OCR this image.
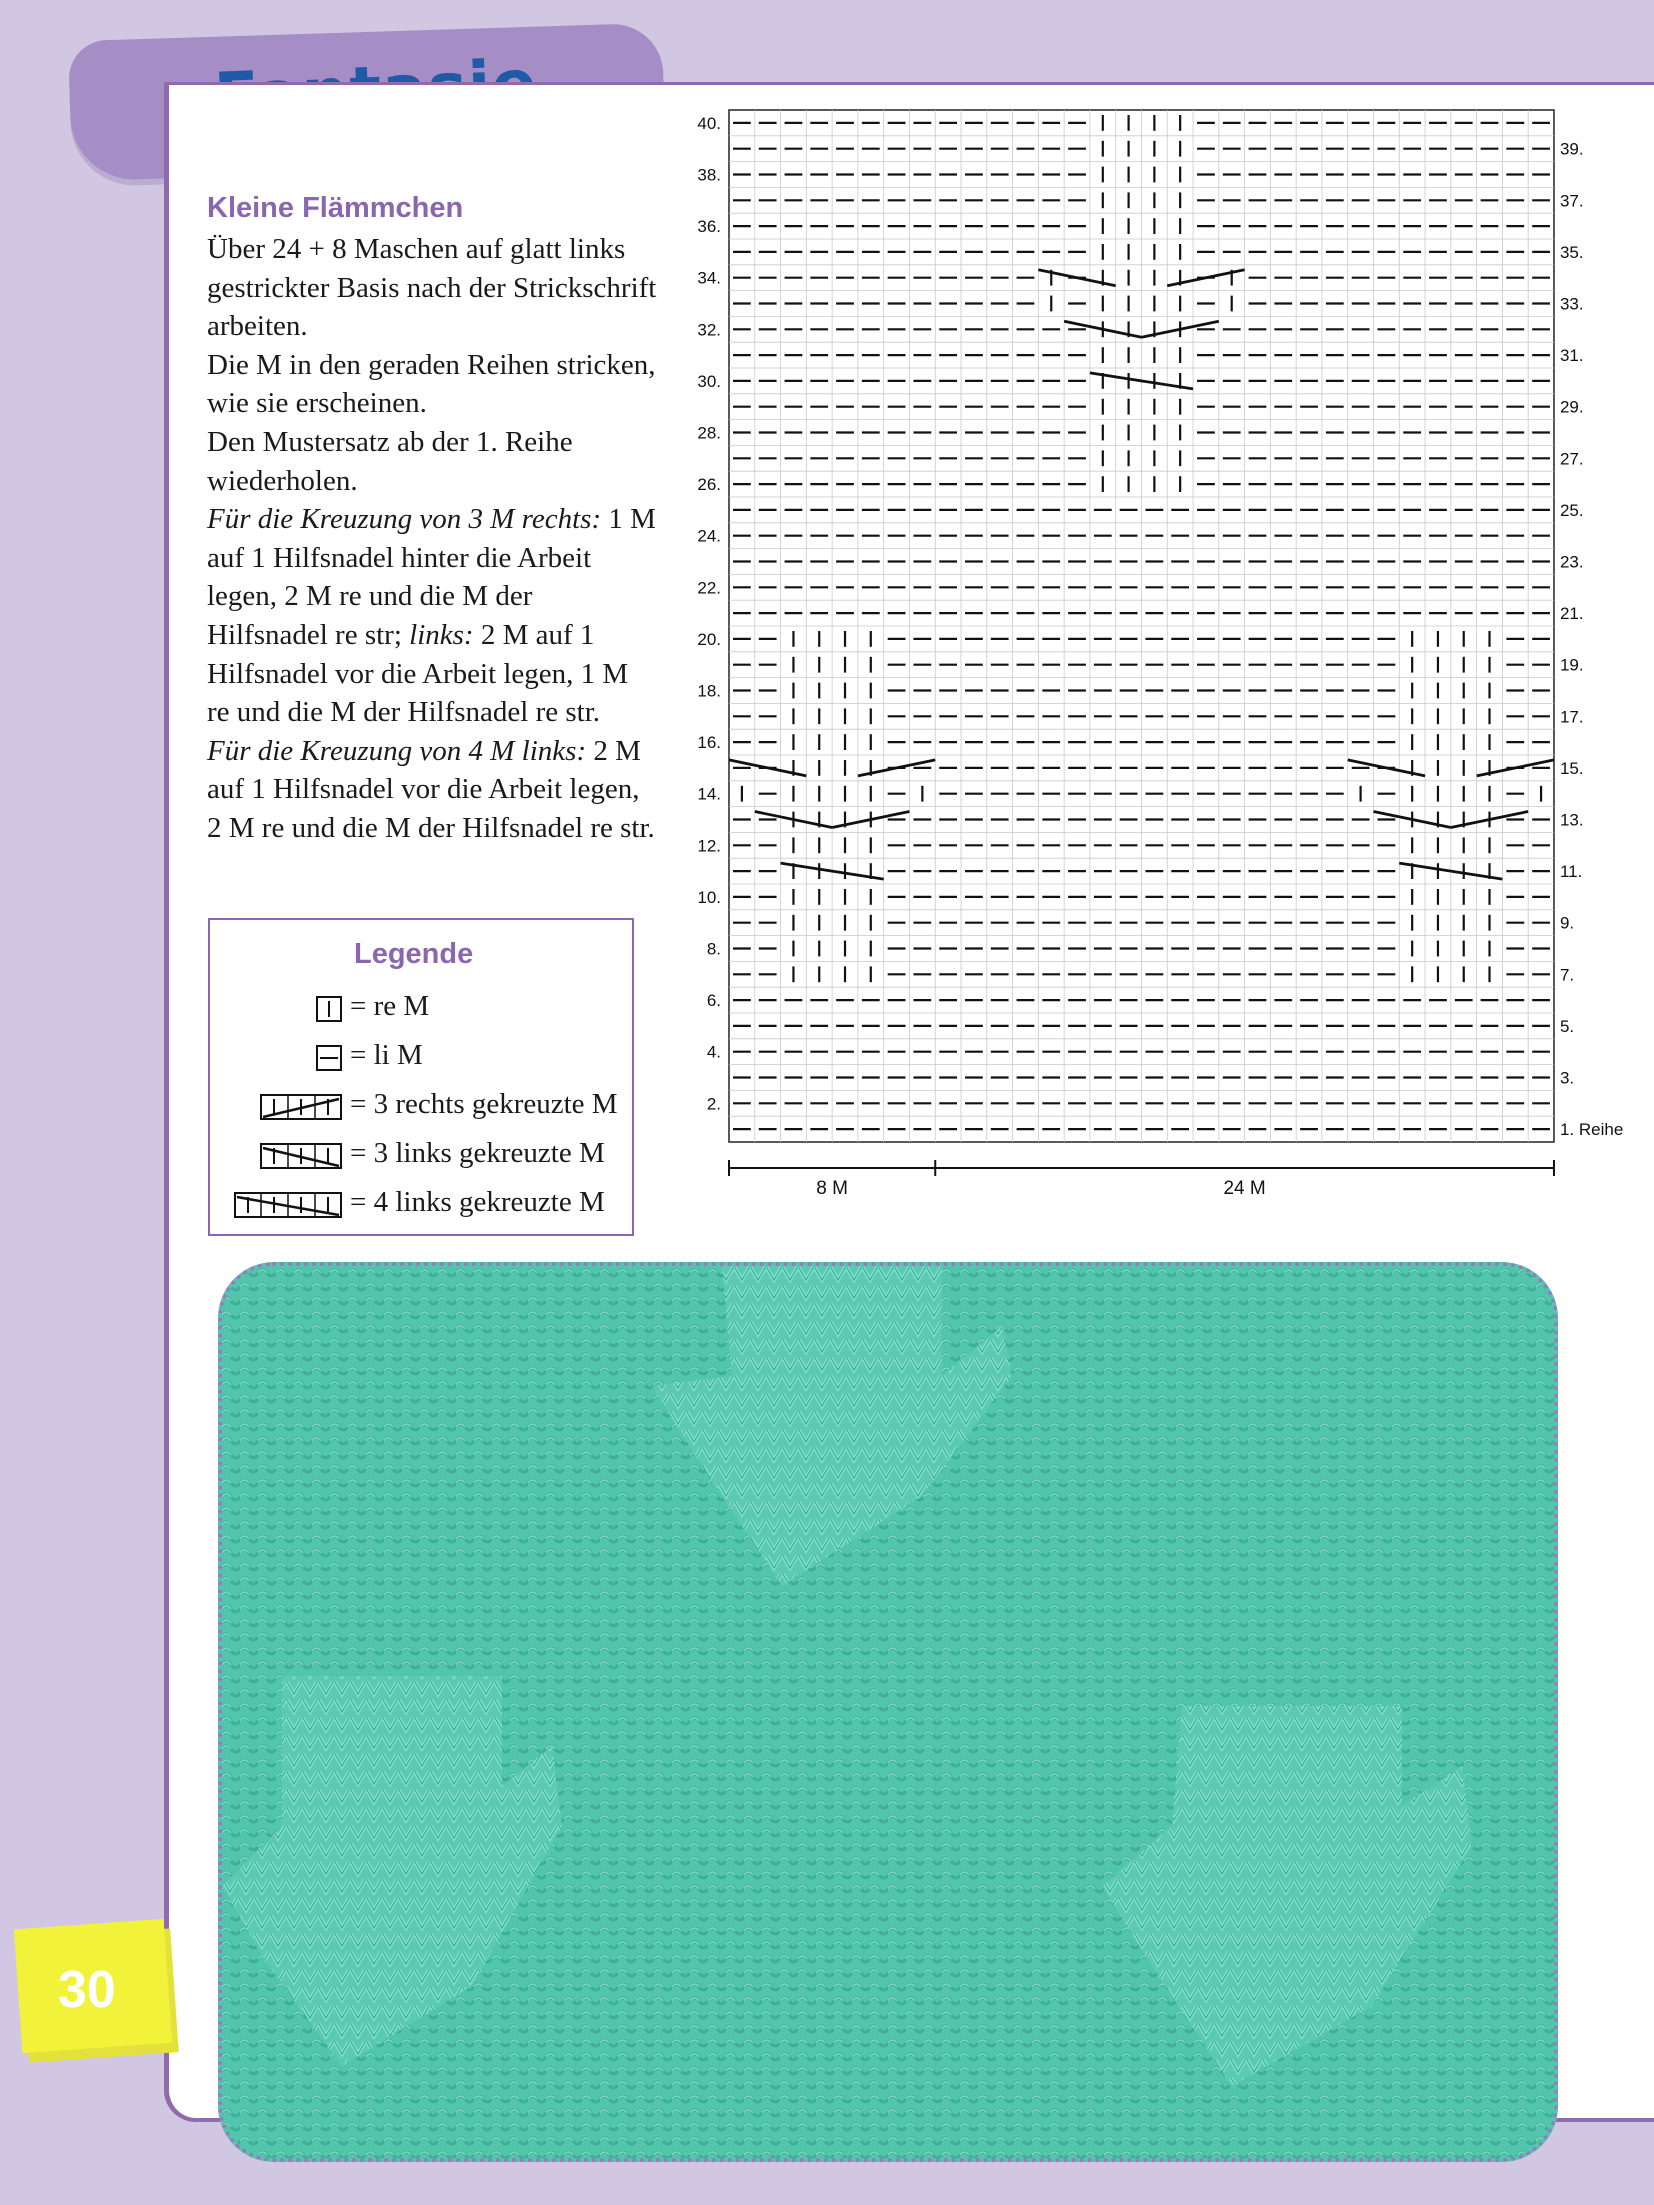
Kleine Flämmchen

Über 24 + 8 Maschen auf glatt links gestrickter Basis nach der Strickschrift arbeiten.

Die M in den geraden Reihen stricken, wie sie erscheinen.

Den Mustersatz ab der 1. Reihe wiederholen.

Für die Kreuzung von 3 M rechts: 1 M auf 1 Hilfsnadel hinter die Arbeit legen, 2 M re und die M der Hilfsnadel re str; links: 2 M auf 1 Hilfsnadel vor die Arbeit legen, 1 M re und die M der Hilfsnadel re str.

Für die Kreuzung von 4 M links: 2 M auf 1 Hilfsnadel vor die Arbeit legen, 2 M re und die M der Hilfsnadel re str.

Legende
= re M
= li M
= 3 rechts gekreuzte M
= 3 links gekreuzte M
= 4 links gekreuzte M
40.
38.
36.
34.
32.
30.
28.
26.
24.
22.
20.
18.
16.
14.
12.
10.
8.
6.
4.
2.
39.
37.
35.
33.
31.
29.
27.
25.
23.
21.
19.
17.
15.
13.
11.
9.
7.
5.
3.
1. Reihe
8 M	24 M
30
